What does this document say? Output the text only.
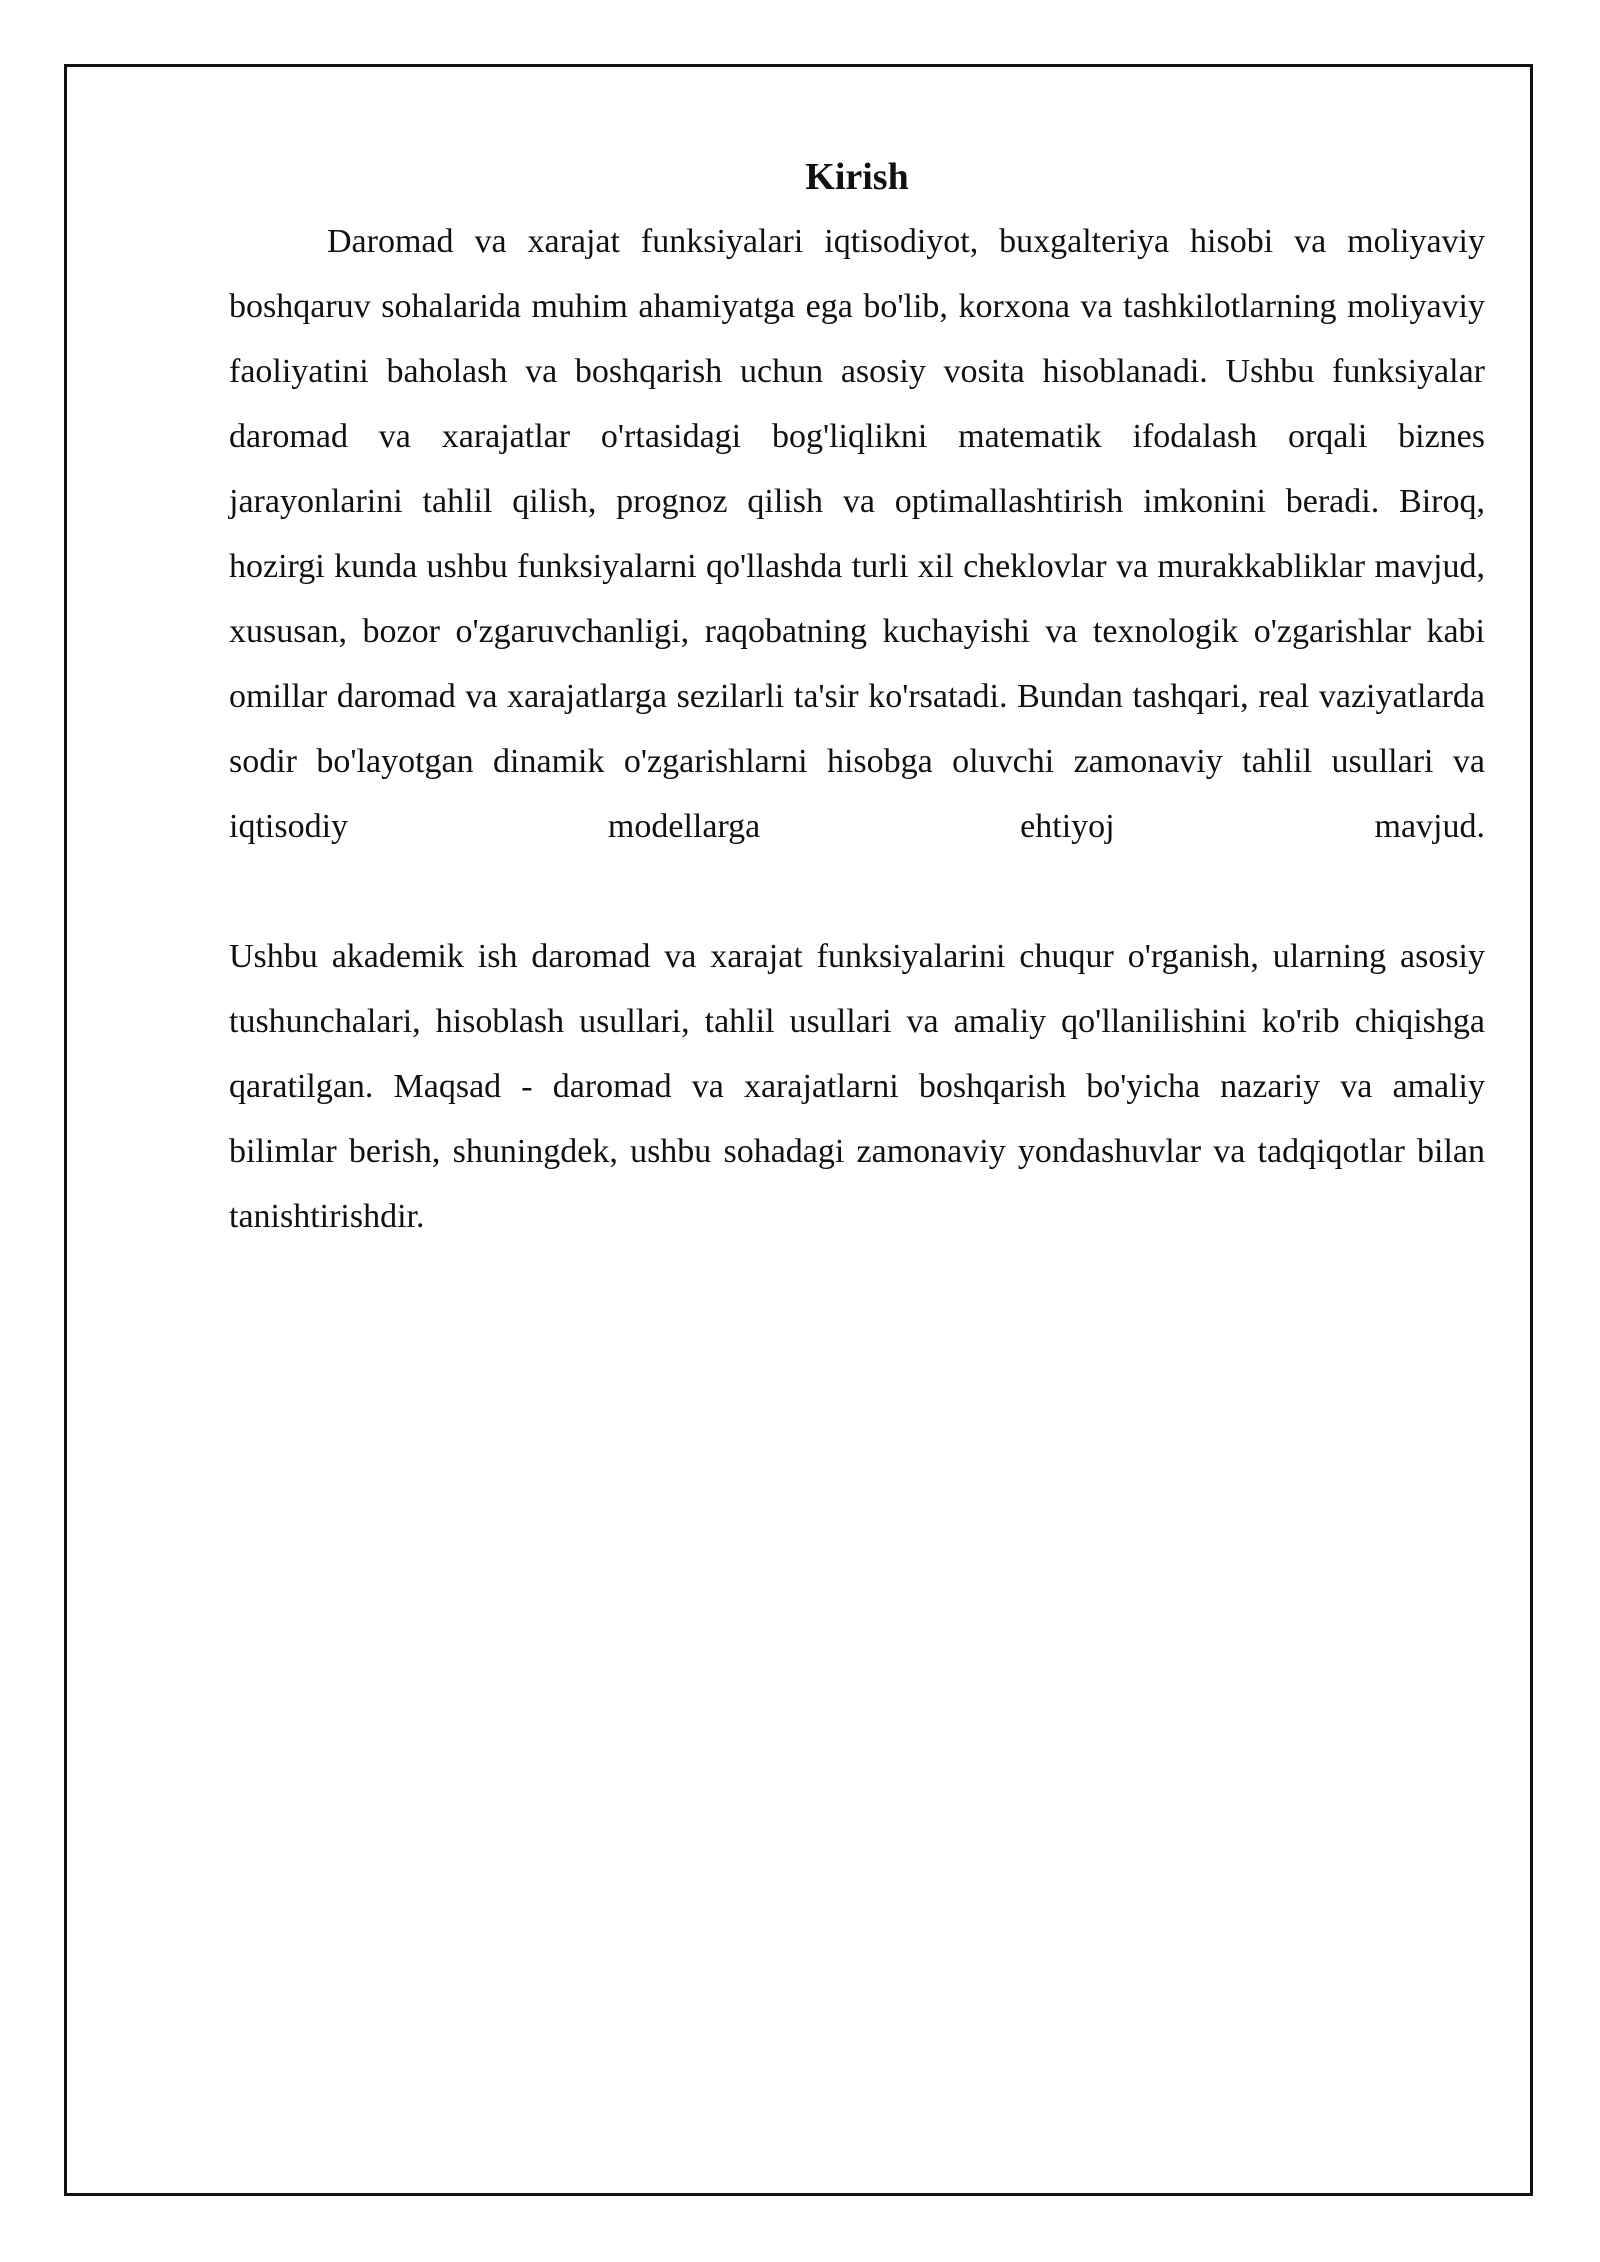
Kirish

Daromad va xarajat funksiyalari iqtisodiyot, buxgalteriya hisobi va moliyaviy boshqaruv sohalarida muhim ahamiyatga ega bo'lib, korxona va tashkilotlarning moliyaviy faoliyatini baholash va boshqarish uchun asosiy vosita hisoblanadi. Ushbu funksiyalar daromad va xarajatlar o'rtasidagi bog'liqlikni matematik ifodalash orqali biznes jarayonlarini tahlil qilish, prognoz qilish va optimallashtirish imkonini beradi. Biroq, hozirgi kunda ushbu funksiyalarni qo'llashda turli xil cheklovlar va murakkabliklar mavjud, xususan, bozor o'zgaruvchanligi, raqobatning kuchayishi va texnologik o'zgarishlar kabi omillar daromad va xarajatlarga sezilarli ta'sir ko'rsatadi. Bundan tashqari, real vaziyatlarda sodir bo'layotgan dinamik o'zgarishlarni hisobga oluvchi zamonaviy tahlil usullari va iqtisodiy modellarga ehtiyoj mavjud.

Ushbu akademik ish daromad va xarajat funksiyalarini chuqur o'rganish, ularning asosiy tushunchalari, hisoblash usullari, tahlil usullari va amaliy qo'llanilishini ko'rib chiqishga qaratilgan. Maqsad - daromad va xarajatlarni boshqarish bo'yicha nazariy va amaliy bilimlar berish, shuningdek, ushbu sohadagi zamonaviy yondashuvlar va tadqiqotlar bilan tanishtirishdir.
